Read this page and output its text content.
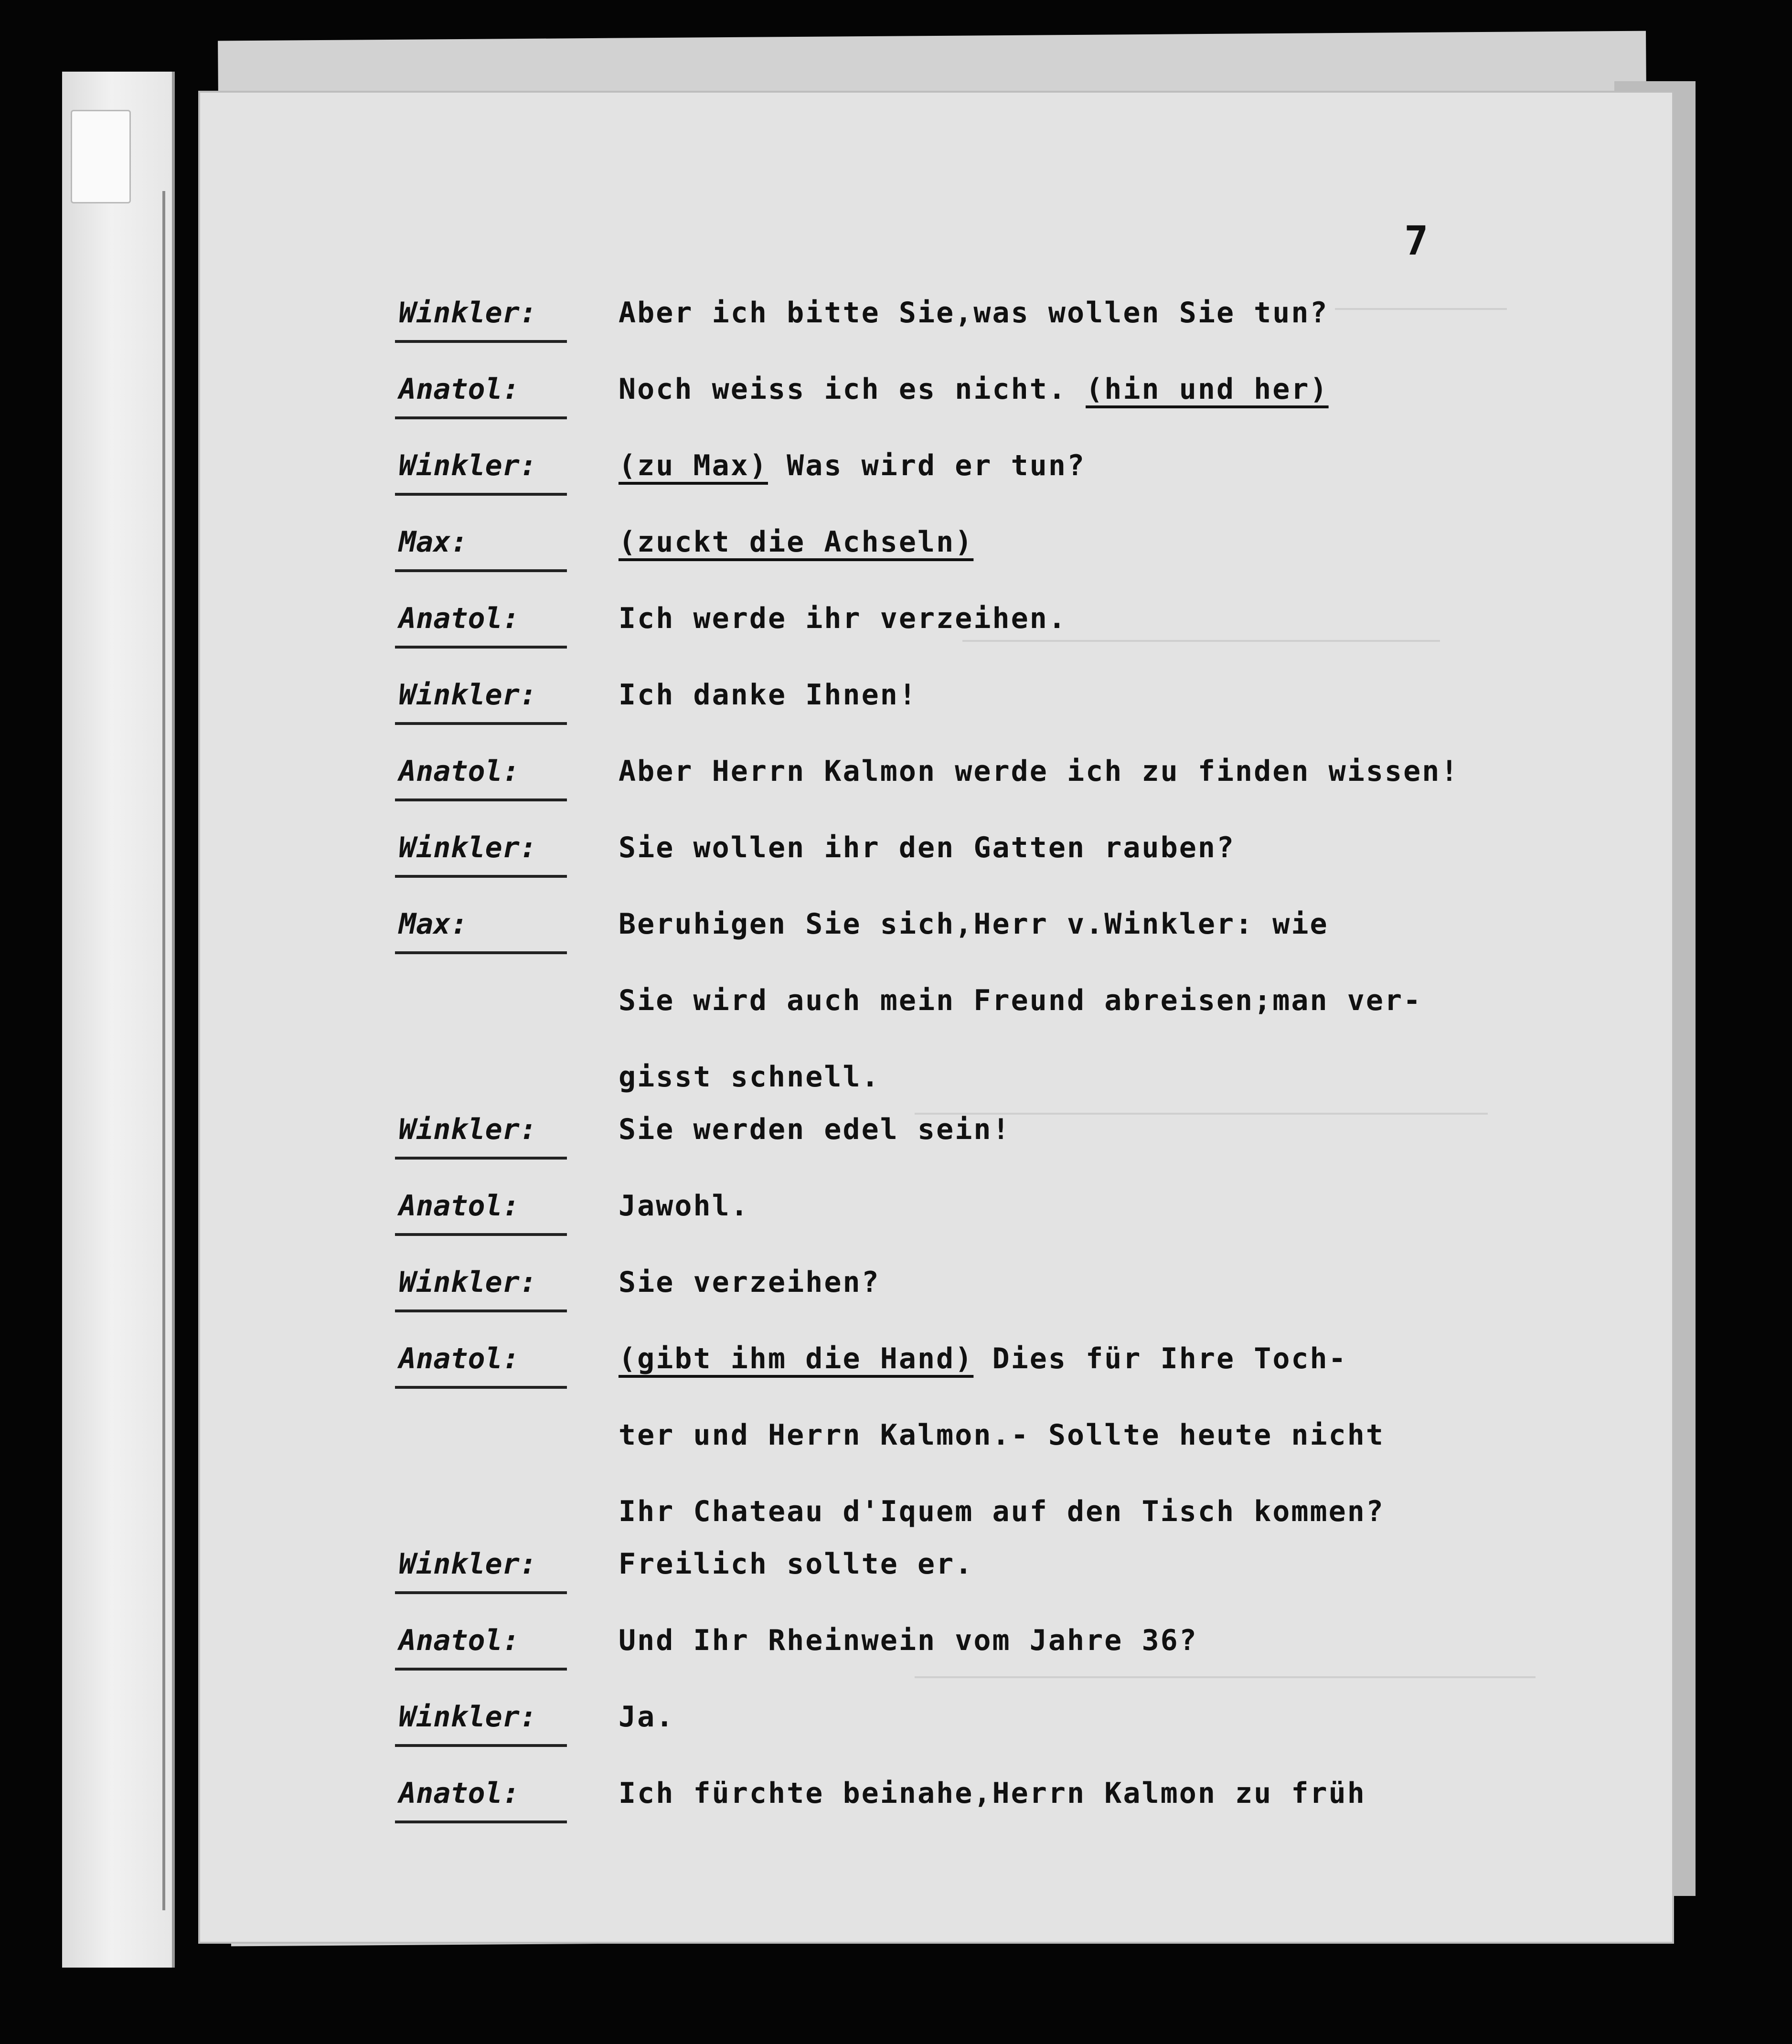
7
Winkler:	Aber ich bitte Sie,was wollen Sie tun?
Anatol:	Noch weiss ich es nicht. (hin und her)
Winkler:	(zu Max) Was wird er tun?
Max:	(zuckt die Achseln)
Anatol:	Ich werde ihr verzeihen.
Winkler:	Ich danke Ihnen!
Anatol:	Aber Herrn Kalmon werde ich zu finden wissen!
Winkler:	Sie wollen ihr den Gatten rauben?
Max:	Beruhigen Sie sich,Herr v.Winkler: wie
Sie wird auch mein Freund abreisen;man ver-
gisst schnell.
Winkler:	Sie werden edel sein!
Anatol:	Jawohl.
Winkler:	Sie verzeihen?
Anatol:	(gibt ihm die Hand) Dies für Ihre Toch-
ter und Herrn Kalmon.- Sollte heute nicht
Ihr Chateau d'Iquem auf den Tisch kommen?
Winkler:	Freilich sollte er.
Anatol:	Und Ihr Rheinwein vom Jahre 36?
Winkler:	Ja.
Anatol:	Ich fürchte beinahe,Herrn Kalmon zu früh
